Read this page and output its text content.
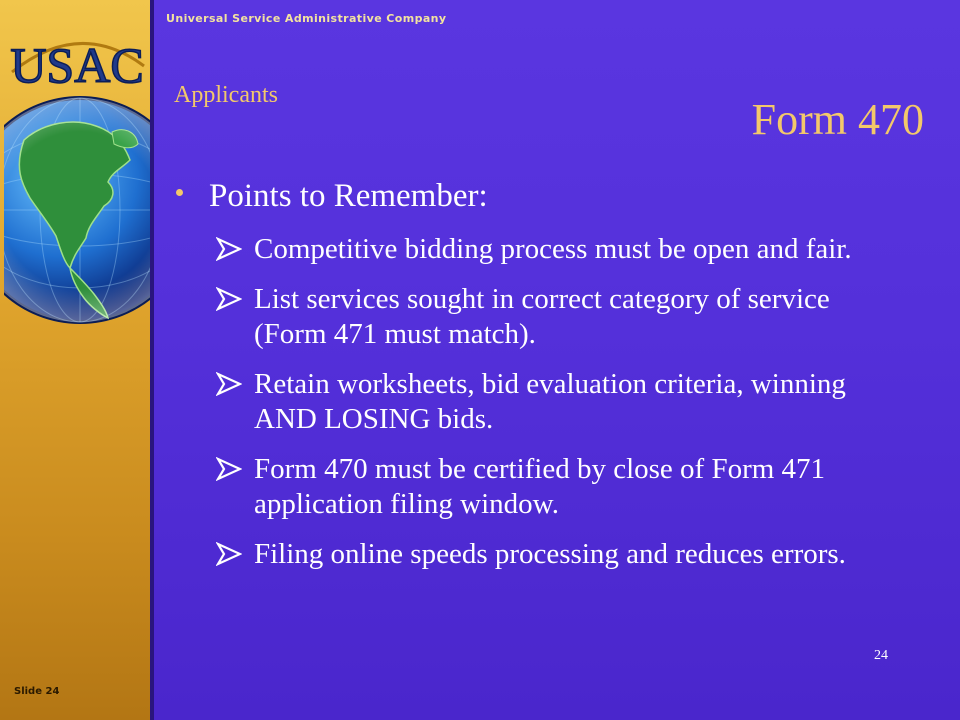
USAC
Universal Service Administrative Company
Applicants	Form 470
Points to Remember:
Competitive bidding process must be open and fair.
List services sought in correct category of service (Form 471 must match).
Retain worksheets, bid evaluation criteria, winning AND LOSING bids.
Form 470 must be certified by close of Form 471 application filing window.
Filing online speeds processing and reduces errors.
24
Slide 24
